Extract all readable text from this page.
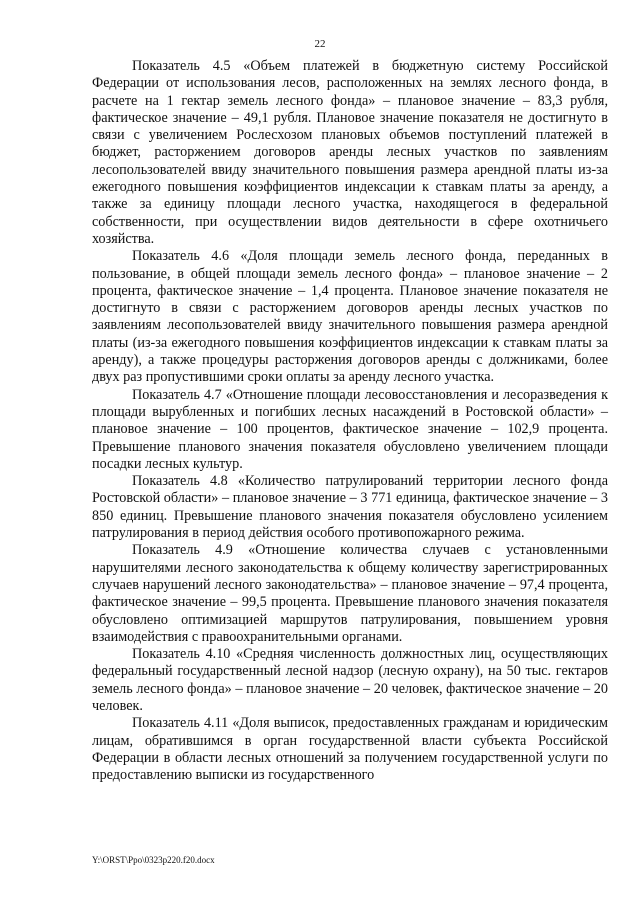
22

Показатель 4.5 «Объем платежей в бюджетную систему Российской Федерации от использования лесов, расположенных на землях лесного фонда, в расчете на 1 гектар земель лесного фонда» – плановое значение – 83,3 рубля, фактическое значение – 49,1 рубля. Плановое значение показателя не достигнуто в связи с увеличением Рослесхозом плановых объемов поступлений платежей в бюджет, расторжением договоров аренды лесных участков по заявлениям лесопользователей ввиду значительного повышения размера арендной платы из-за ежегодного повышения коэффициентов индексации к ставкам платы за аренду, а также за единицу площади лесного участка, находящегося в федеральной собственности, при осуществлении видов деятельности в сфере охотничьего хозяйства.

Показатель 4.6 «Доля площади земель лесного фонда, переданных в пользование, в общей площади земель лесного фонда» – плановое значение – 2 процента, фактическое значение – 1,4 процента. Плановое значение показателя не достигнуто в связи с расторжением договоров аренды лесных участков по заявлениям лесопользователей ввиду значительного повышения размера арендной платы (из-за ежегодного повышения коэффициентов индексации к ставкам платы за аренду), а также процедуры расторжения договоров аренды с должниками, более двух раз пропустившими сроки оплаты за аренду лесного участка.

Показатель 4.7 «Отношение площади лесовосстановления и лесоразведения к площади вырубленных и погибших лесных насаждений в Ростовской области» – плановое значение – 100 процентов, фактическое значение – 102,9 процента. Превышение планового значения показателя обусловлено увеличением площади посадки лесных культур.

Показатель 4.8 «Количество патрулирований территории лесного фонда Ростовской области» – плановое значение – 3 771 единица, фактическое значение – 3 850 единиц. Превышение планового значения показателя обусловлено усилением патрулирования в период действия особого противопожарного режима.

Показатель 4.9 «Отношение количества случаев с установленными нарушителями лесного законодательства к общему количеству зарегистрированных случаев нарушений лесного законодательства» – плановое значение – 97,4 процента, фактическое значение – 99,5 процента. Превышение планового значения показателя обусловлено оптимизацией маршрутов патрулирования, повышением уровня взаимодействия с правоохранительными органами.

Показатель 4.10 «Средняя численность должностных лиц, осуществляющих федеральный государственный лесной надзор (лесную охрану), на 50 тыс. гектаров земель лесного фонда» – плановое значение – 20 человек, фактическое значение – 20 человек.

Показатель 4.11 «Доля выписок, предоставленных гражданам и юридическим лицам, обратившимся в орган государственной власти субъекта Российской Федерации в области лесных отношений за получением государственной услуги по предоставлению выписки из государственного

Y:\ORST\Ppo\0323p220.f20.docx
